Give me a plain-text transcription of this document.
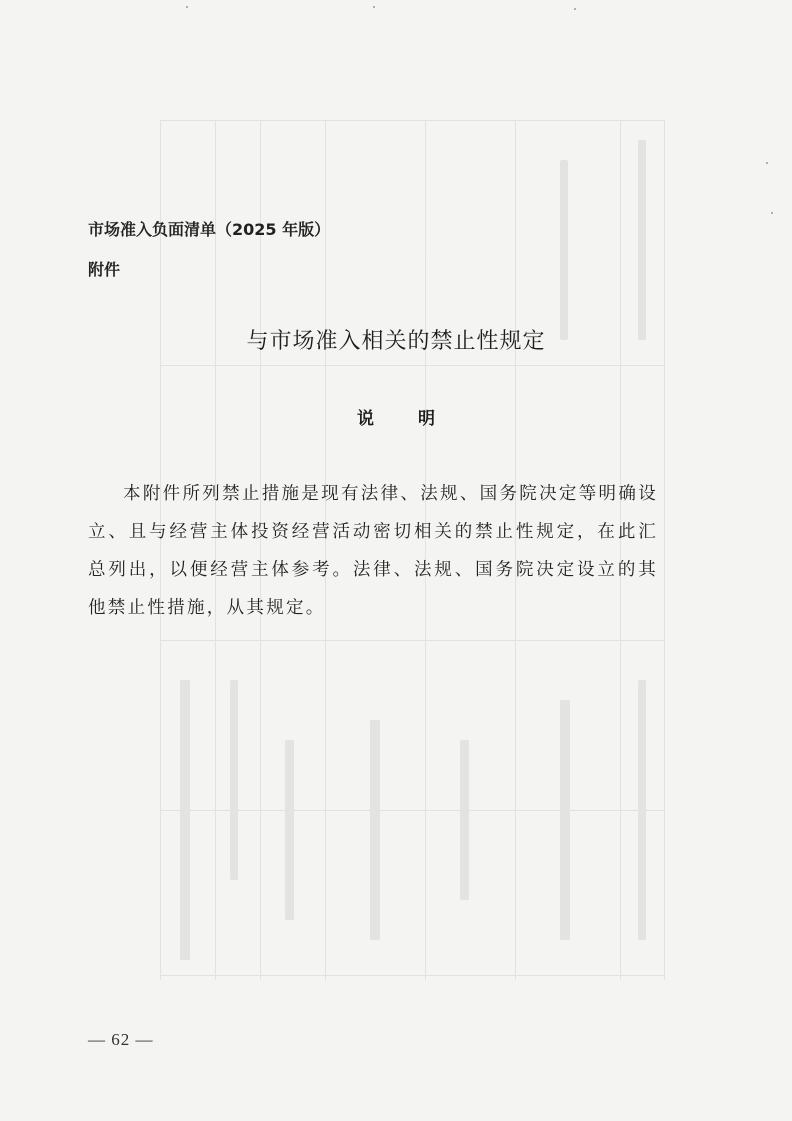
市场准入负面清单（2025 年版）
附件
与市场准入相关的禁止性规定
说明

本附件所列禁止措施是现有法律、法规、国务院决定等明确设立、且与经营主体投资经营活动密切相关的禁止性规定，在此汇总列出，以便经营主体参考。法律、法规、国务院决定设立的其他禁止性措施，从其规定。

— 62 —
